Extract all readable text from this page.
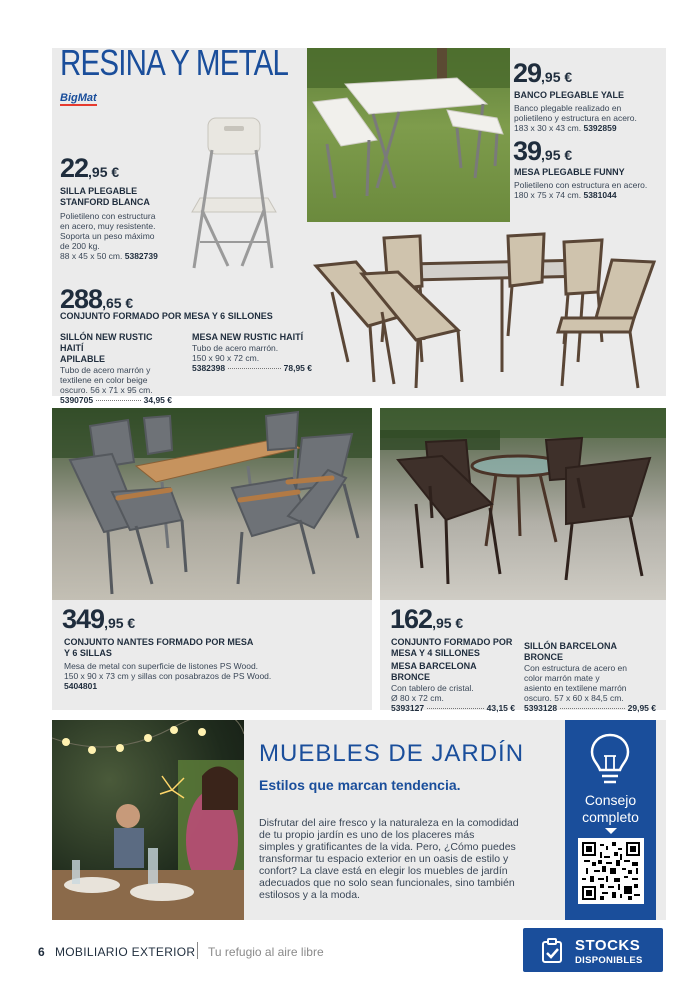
RESINA Y METAL
BigMat
22,95 €
SILLA PLEGABLE
STANFORD BLANCA
Polietileno con estructura
en acero, muy resistente.
Soporta un peso máximo
de 200 kg.
88 x 45 x 50 cm. 5382739
29,95 €
BANCO PLEGABLE YALE
Banco plegable realizado en
polietileno y estructura en acero.
183 x 30 x 43 cm. 5392859
39,95 €
MESA PLEGABLE FUNNY
Polietileno con estructura en acero.
180 x 75 x 74 cm. 5381044
288,65 €
CONJUNTO FORMADO POR MESA Y 6 SILLONES
SILLÓN NEW RUSTIC HAITÍ
APILABLE
Tubo de acero marrón y
textilene en color beige
oscuro. 56 x 71 x 95 cm.
5390705	34,95 €
MESA NEW RUSTIC HAITÍ
Tubo de acero marrón.
150 x 90 x 72 cm.
5382398	78,95 €
349,95 €
CONJUNTO NANTES FORMADO POR MESA
Y 6 SILLAS
Mesa de metal con superficie de listones PS Wood.
150 x 90 x 73 cm y sillas con posabrazos de PS Wood.
5404801
162,95 €
CONJUNTO FORMADO POR
MESA Y 4 SILLONES
MESA BARCELONA BRONCE
Con tablero de cristal.
Ø 80 x 72 cm.
5393127	43,15 €
SILLÓN BARCELONA BRONCE
Con estructura de acero en
color marrón mate y
asiento en textilene marrón
oscuro. 57 x 60 x 84,5 cm.
5393128	29,95 €
MUEBLES DE JARDÍN
Estilos que marcan tendencia.
Disfrutar del aire fresco y la naturaleza en la comodidad
de tu propio jardín es uno de los placeres más
simples y gratificantes de la vida. Pero, ¿Cómo puedes
transformar tu espacio exterior en un oasis de estilo y
confort? La clave está en elegir los muebles de jardín
adecuados que no solo sean funcionales, sino también
estilosos y a la moda.
Consejo
completo
6 MOBILIARIO EXTERIOR Tu refugio al aire libre	STOCKS
DISPONIBLES
